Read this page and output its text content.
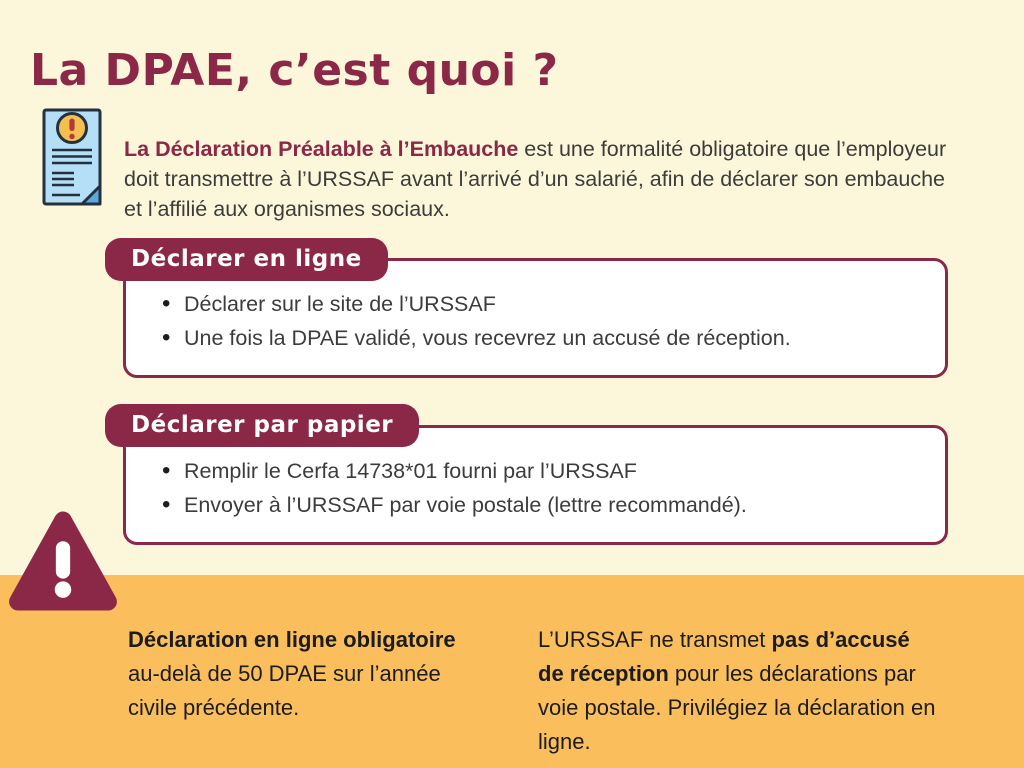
La DPAE, c’est quoi ?

La Déclaration Préalable à l’Embauche est une formalité obligatoire que l’employeur doit transmettre à l’URSSAF avant l’arrivé d’un salarié, afin de déclarer son embauche et l’affilié aux organismes sociaux.

• Déclarer sur le site de l’URSSAF
• Une fois la DPAE validé, vous recevrez un accusé de réception.
Déclarer en ligne
• Remplir le Cerfa 14738*01 fourni par l’URSSAF
• Envoyer à l’URSSAF par voie postale (lettre recommandé).
Déclarer par papier

Déclaration en ligne obligatoire au-delà de 50 DPAE sur l’année civile précédente.

L’URSSAF ne transmet pas d’accusé de réception pour les déclarations par voie postale. Privilégiez la déclaration en ligne.
